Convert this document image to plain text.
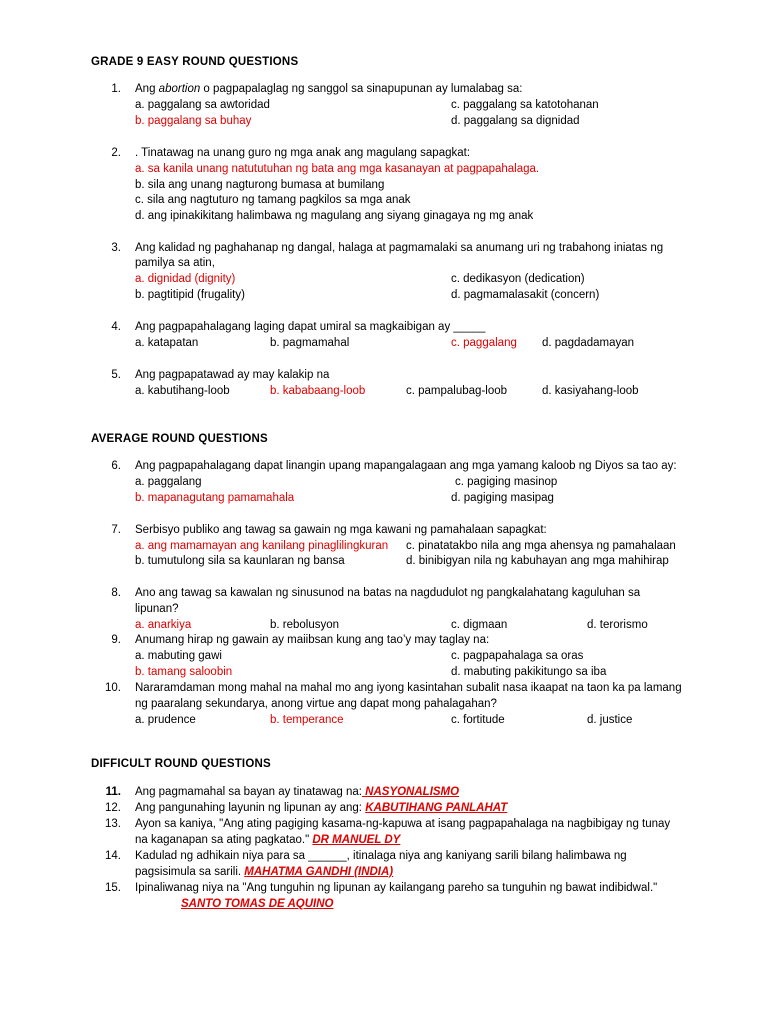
GRADE 9 EASY ROUND QUESTIONS
1. Ang abortion o pagpapalaglag ng sanggol sa sinapupunan ay lumalabag sa:
a. paggalang sa awtoridad
b. paggalang sa buhay
c. paggalang sa katotohanan
d. paggalang sa dignidad
2. . Tinatawag na unang guro ng mga anak ang magulang sapagkat:
a. sa kanila unang natututuhan ng bata ang mga kasanayan at pagpapahalaga.
b. sila ang unang nagturong bumasa at bumilang
c. sila ang nagtuturo ng tamang pagkilos sa mga anak
d. ang ipinakikitang halimbawa ng magulang ang siyang ginagaya ng mg anak
3. Ang kalidad ng paghahanap ng dangal, halaga at pagmamalaki sa anumang uri ng trabahong iniatas ng
pamilya sa atin,
a. dignidad (dignity)
b. pagtitipid (frugality)
c. dedikasyon (dedication)
d. pagmamalasakit (concern)
4. Ang pagpapahalagang laging dapat umiral sa magkaibigan ay _____
a. katapatan	b. pagmamahal	c. paggalang d. pagdadamayan
5. Ang pagpapatawad ay may kalakip na
a. kabutihang-loob	b. kababaang-loob	c. pampalubag-loob	d. kasiyahang-loob
AVERAGE ROUND QUESTIONS
6. Ang pagpapahalagang dapat linangin upang mapangalagaan ang mga yamang kaloob ng Diyos sa tao ay:
a. paggalang
b. mapanagutang pamamahala
c. pagiging masinop
d. pagiging masipag
7. Serbisyo publiko ang tawag sa gawain ng mga kawani ng pamahalaan sapagkat:
a. ang mamamayan ang kanilang pinaglilingkuran
b. tumutulong sila sa kaunlaran ng bansa
c. pinatatakbo nila ang mga ahensya ng pamahalaan
d. binibigyan nila ng kabuhayan ang mga mahihirap
8. Ano ang tawag sa kawalan ng sinusunod na batas na nagdudulot ng pangkalahatang kaguluhan sa
lipunan?
a. anarkiya	b. rebolusyon	c. digmaan	d. terorismo
9. Anumang hirap ng gawain ay maiibsan kung ang tao’y may taglay na:
a. mabuting gawi
b. tamang saloobin
c. pagpapahalaga sa oras
d. mabuting pakikitungo sa iba
10. Nararamdaman mong mahal na mahal mo ang iyong kasintahan subalit nasa ikaapat na taon ka pa lamang
ng paaralang sekundarya, anong virtue ang dapat mong pahalagahan?
a. prudence	b. temperance	c. fortitude	d. justice
DIFFICULT ROUND QUESTIONS
11. Ang pagmamahal sa bayan ay tinatawag na: NASYONALISMO
12. Ang pangunahing layunin ng lipunan ay ang: KABUTIHANG PANLAHAT
13. Ayon sa kaniya, "Ang ating pagiging kasama-ng-kapuwa at isang pagpapahalaga na nagbibigay ng tunay
na kaganapan sa ating pagkatao." DR MANUEL DY
14. Kadulad ng adhikain niya para sa ______, itinalaga niya ang kaniyang sarili bilang halimbawa ng
pagsisimula sa sarili. MAHATMA GANDHI (INDIA)
15. Ipinaliwanag niya na "Ang tunguhin ng lipunan ay kailangang pareho sa tunguhin ng bawat indibidwal."
SANTO TOMAS DE AQUINO
